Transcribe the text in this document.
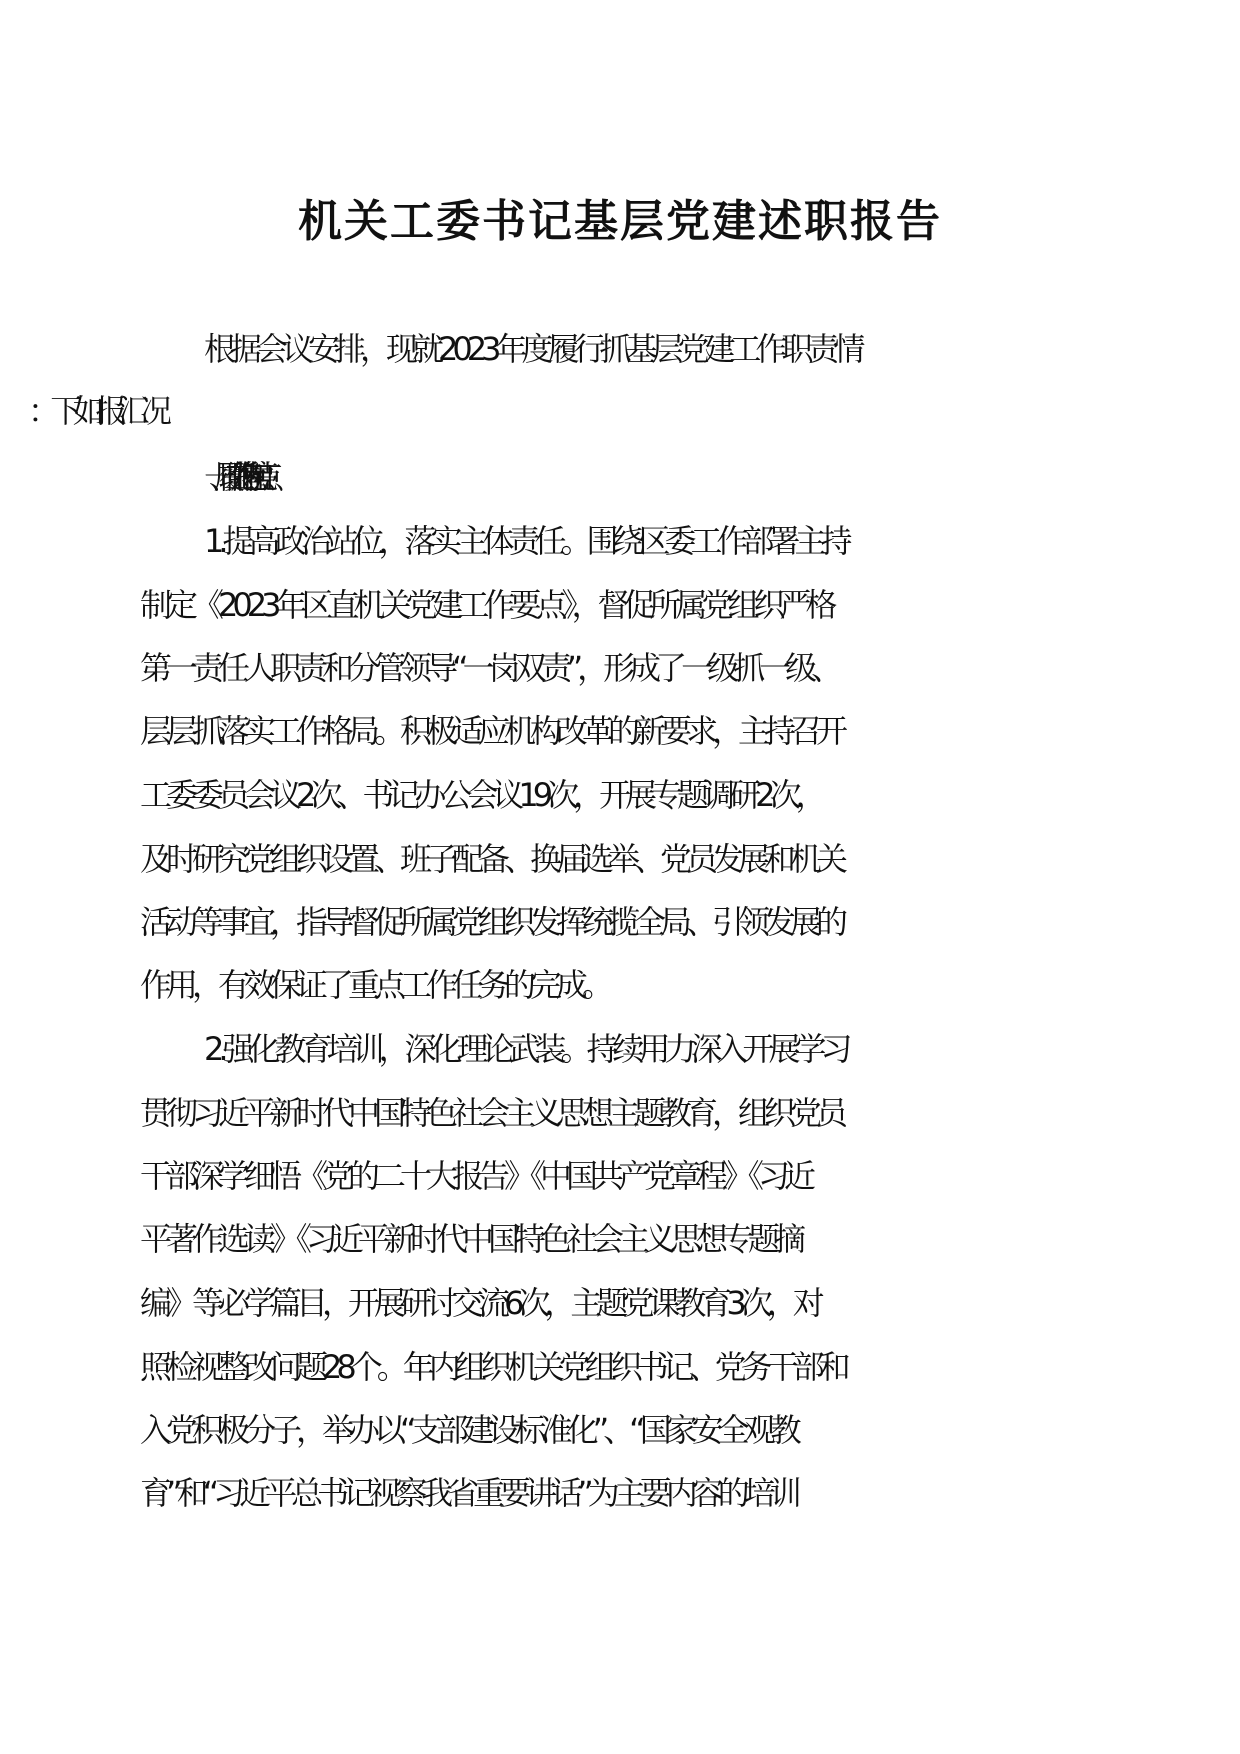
机关工委书记基层党建述职报告

根据会议安排，现就2023年度履行抓基层党建工作职责情

一、履职工作特色和亮点

1.提高政治站位，落实主体责任。围绕区委工作部署主持

制定《2023年区直机关党建工作要点》，督促所属党组织严格

第一责任人职责和分管领导“一岗双责”，形成了一级抓一级、

层层抓落实工作格局。积极适应机构改革的新要求，主持召开

工委委员会议2次、书记办公会议19次，开展专题调研2次，

及时研究党组织设置、班子配备、换届选举、党员发展和机关

活动等事宜，指导督促所属党组织发挥统揽全局、引领发展的

作用，有效保证了重点工作任务的完成。

2.强化教育培训，深化理论武装。持续用力深入开展学习

贯彻习近平新时代中国特色社会主义思想主题教育，组织党员

干部深学细悟《党的二十大报告》《中国共产党章程》《习近

平著作选读》《习近平新时代中国特色社会主义思想专题摘

编》等必学篇目，开展研讨交流6次，主题党课教育3次，对

照检视整改问题28个。年内组织机关党组织书记、党务干部和

入党积极分子，举办以“支部建设标准化”、“国家安全观教

育”和“习近平总书记视察我省重要讲话”为主要内容的培训
